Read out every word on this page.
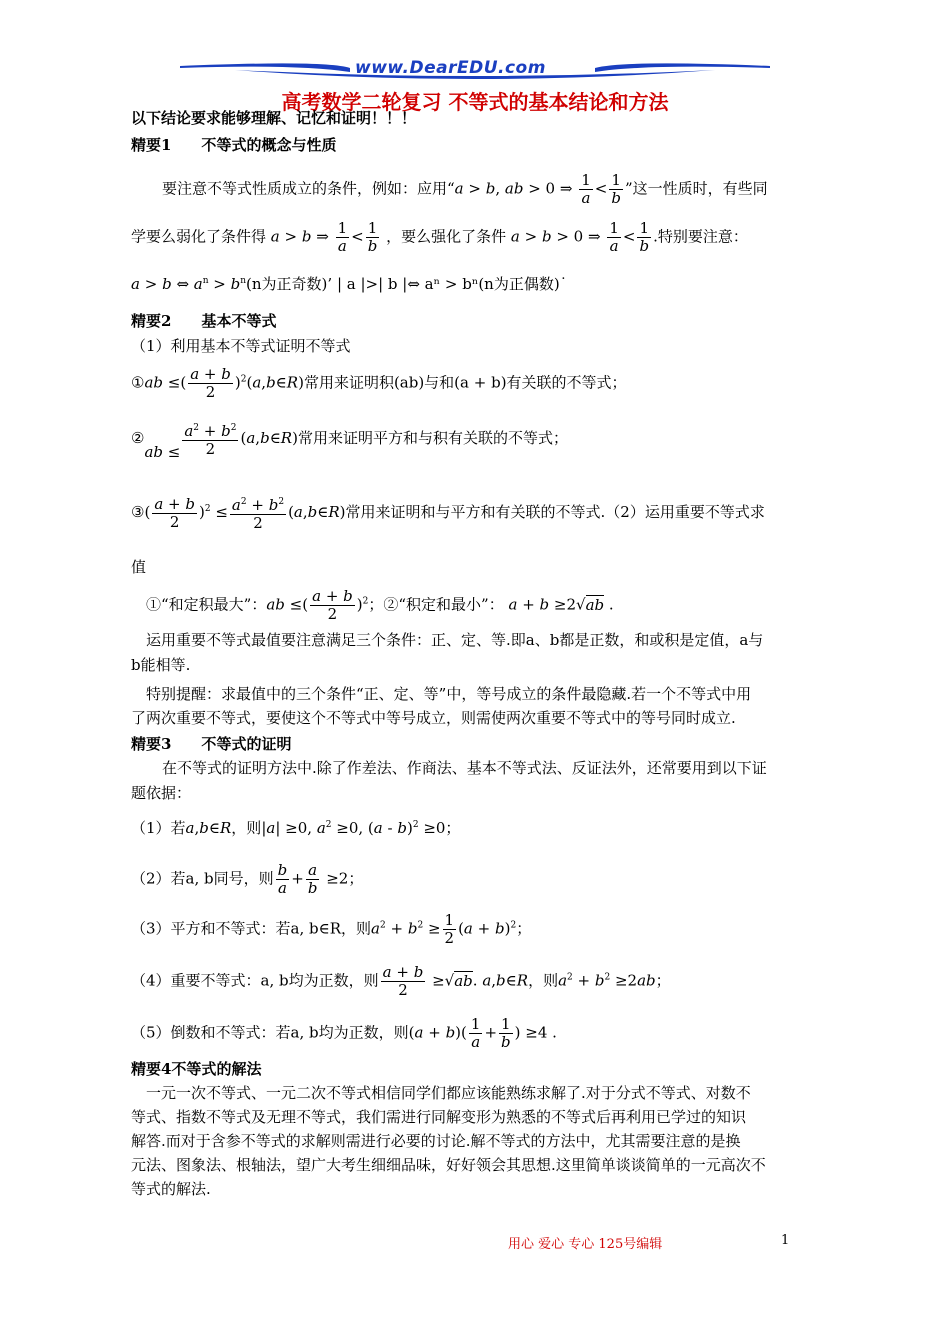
www.DearEDU.com
高考数学二轮复习 不等式的基本结论和方法
以下结论要求能够理解、记忆和证明！！！
精要1　　不等式的概念与性质
要注意不等式性质成立的条件，例如：应用“a > b, ab > 0 ⇒ $\frac{1}{a} < \frac{1}{b}$ ”这一性质时，有些同
学要么弱化了条件得 a > b ⇒ $\frac{1}{a} < \frac{1}{b}$ ，要么强化了条件 a > b > 0 ⇒ $\frac{1}{a} < \frac{1}{b}$ .特别要注意：
a > b ⇔ $a^n > b^n(n$为正奇数)’ | a |>| b |⇔ aⁿ > bⁿ(n为正偶数)˙
精要2　　基本不等式
（1）利用基本不等式证明不等式
①ab ≤( $\frac{a + b}{2}$ )$^2$(a,b∈R)常用来证明积(ab)与和(a + b)有关联的不等式；
②ab ≤ $\frac{a^2 + b^2}{2}$ (a,b∈R)常用来证明平方和与积有关联的不等式；
③( $\frac{a + b}{2} )^2 \le \frac{a^2 + b^2}{2}$ (a,b∈R)常用来证明和与平方和有关联的不等式.（2）运用重要不等式求
值
①“和定积最大”：ab ≤( $\frac{a + b}{2} )^2$；②“积定和最小”： a + b ≥2√ab .
运用重要不等式最值要注意满足三个条件：正、定、等.即a、b都是正数，和或积是定值，a与
b能相等.
特别提醒：求最值中的三个条件“正、定、等”中，等号成立的条件最隐藏.若一个不等式中用
了两次重要不等式，要使这个不等式中等号成立，则需使两次重要不等式中的等号同时成立.
精要3　　不等式的证明
在不等式的证明方法中.除了作差法、作商法、基本不等式法、反证法外，还常要用到以下证
题依据：
（1）若a,b∈R，则|a| ≥0, $a^2 \ge 0$, (a - b)$^2$ ≥0；
（2）若a, b同号，则 $\frac{b}{a} + \frac{a}{b} \ge 2$；
（3）平方和不等式：若a, b∈R，则$a^2 + b^2 \ge \frac{1}{2} (a + b)^2$；
（4）重要不等式：a, b均为正数，则 $\frac{a + b}{2} \ge√ab$. a,b∈R，则$a^2 + b^2 \ge 2ab$；
（5）倒数和不等式：若a, b均为正数，则$(a + b)( \frac{1}{a} + \frac{1}{b}$ ) ≥4 .
精要4不等式的解法
一元一次不等式、一元二次不等式相信同学们都应该能熟练求解了.对于分式不等式、对数不
等式、指数不等式及无理不等式，我们需进行同解变形为熟悉的不等式后再利用已学过的知识
解答.而对于含参不等式的求解则需进行必要的讨论.解不等式的方法中，尤其需要注意的是换
元法、图象法、根轴法，望广大考生细细品味，好好领会其思想.这里简单谈谈简单的一元高次不
等式的解法.
用心 爱心 专心 125号编辑	1
